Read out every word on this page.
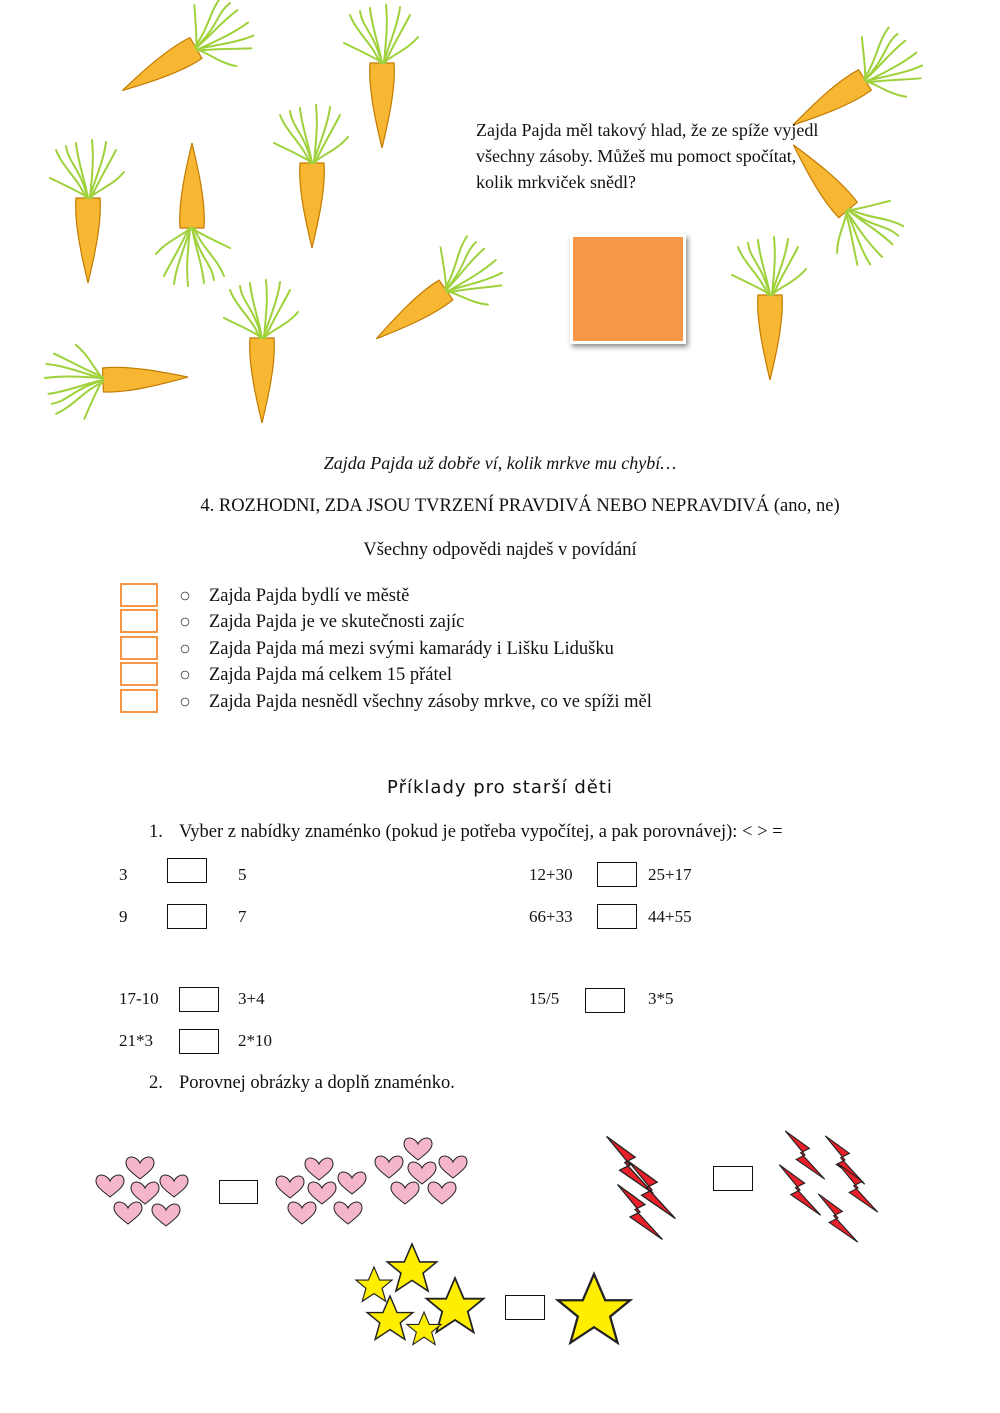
Zajda Pajda měl takový hlad, že ze spíže vyjedl
všechny zásoby. Můžeš mu pomoct spočítat,
kolik mrkviček snědl?
Zajda Pajda už dobře ví, kolik mrkve mu chybí…
4. ROZHODNI, ZDA JSOU TVRZENÍ PRAVDIVÁ NEBO NEPRAVDIVÁ (ano, ne)
Všechny odpovědi najdeš v povídání
Zajda Pajda bydlí ve městě
Zajda Pajda je ve skutečnosti zajíc
Zajda Pajda má mezi svými kamarády i Lišku Lidušku
Zajda Pajda má celkem 15 přátel
Zajda Pajda nesnědl všechny zásoby mrkve, co ve spíži měl
Příklady pro starší děti
1. Vyber z nabídky znaménko (pokud je potřeba vypočítej, a pak porovnávej): < > =
3	5	12+30	25+17
9	7	66+33	44+55
17-10	3+4	15/5	3*5
21*3	2*10
2. Porovnej obrázky a doplň znaménko.
